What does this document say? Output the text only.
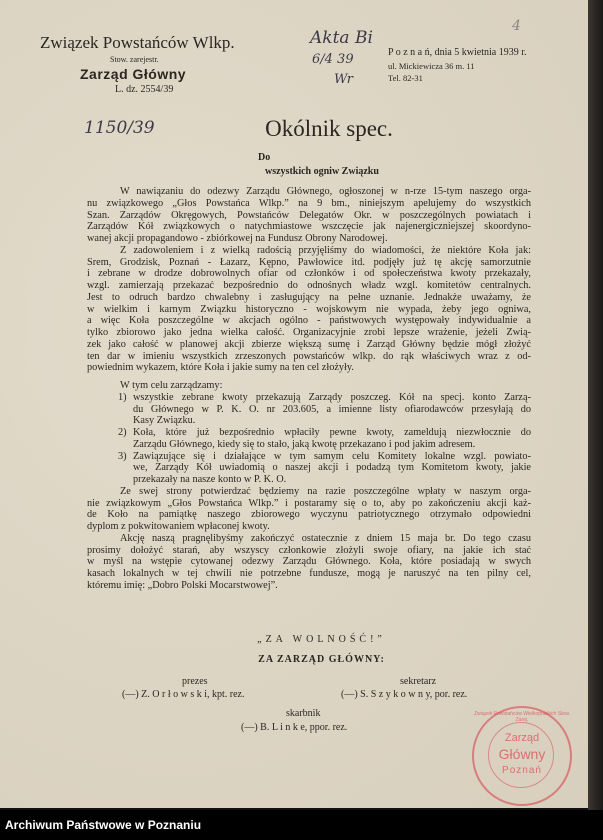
Związek Powstańców Wlkp.
Stow. zarejestr.
Zarząd Główny
L. dz. 2554/39
P o z n a ń, dnia 5 kwietnia 1939 r.
ul. Mickiewicza 36 m. 11
Tel. 82-31
Akta Bi
6/4 39
Wr
1150/39
4
Okólnik spec.
Do
wszystkich ogniw Związku
W nawiązaniu do odezwy Zarządu Głównego, ogłoszonej w n-rze 15-tym naszego orga-
nu związkowego „Głos Powstańca Wlkp.” na 9 bm., niniejszym apelujemy do wszystkich
Szan. Zarządów Okręgowych, Powstańców Delegatów Okr. w poszczególnych powiatach i
Zarządów Kół związkowych o natychmiastowe wszczęcie jak najenergiczniejszej skoordyno-
wanej akcji propagandowo - zbiórkowej na Fundusz Obrony Narodowej.
Z zadowoleniem i z wielką radością przyjęliśmy do wiadomości, że niektóre Koła jak:
Śrem, Grodzisk, Poznań - Łazarz, Kępno, Pawłowice itd. podjęły już tę akcję samorzutnie
i zebrane w drodze dobrowolnych ofiar od członków i od społeczeństwa kwoty przekazały,
wzgl. zamierzają przekazać bezpośrednio do odnośnych władz wzgl. komitetów centralnych.
Jest to odruch bardzo chwalebny i zasługujący na pełne uznanie. Jednakże uważamy, że
w wielkim i karnym Związku historyczno - wojskowym nie wypada, żeby jego ogniwa,
a więc Koła poszczególne w akcjach ogólno - państwowych występowały indywidualnie a
tylko zbiorowo jako jedna wielka całość. Organizacyjnie zrobi lepsze wrażenie, jeżeli Zwią-
zek jako całość w planowej akcji zbierze większą sumę i Zarząd Główny będzie mógł złożyć
ten dar w imieniu wszystkich zrzeszonych powstańców wlkp. do rąk właściwych wraz z od-
powiednim wykazem, które Koła i jakie sumy na ten cel złożyły.
W tym celu zarządzamy:
1) wszystkie zebrane kwoty przekazują Zarządy poszczeg. Kół na specj. konto Zarzą-
du Głównego w P. K. O. nr 203.605, a imienne listy ofiarodawców przesyłają do
Kasy Związku.
2) Koła, które już bezpośrednio wpłaciły pewne kwoty, zameldują niezwłocznie do
Zarządu Głównego, kiedy się to stało, jaką kwotę przekazano i pod jakim adresem.
3) Zawiązujące się i działające w tym samym celu Komitety lokalne wzgl. powiato-
we, Zarządy Kół uwiadomią o naszej akcji i podadzą tym Komitetom kwoty, jakie
przekazały na nasze konto w P. K. O.
Ze swej strony potwierdzać będziemy na razie poszczególne wpłaty w naszym orga-
nie związkowym „Głos Powstańca Wlkp.” i postaramy się o to, aby po zakończeniu akcji każ-
de Koło na pamiątkę naszego zbiorowego wyczynu patriotycznego otrzymało odpowiedni
dyplom z pokwitowaniem wpłaconej kwoty.
Akcję naszą pragnęlibyśmy zakończyć ostatecznie z dniem 15 maja br. Do tego czasu
prosimy dołożyć starań, aby wszyscy członkowie złożyli swoje ofiary, na jakie ich stać
w myśl na wstępie cytowanej odezwy Zarządu Głównego. Koła, które posiadają w swych
kasach lokalnych w tej chwili nie potrzebne fundusze, mogą je naruszyć na ten pilny cel,
któremu imię: „Dobro Polski Mocarstwowej”.
Zarząd
Główny
Poznań
Związek Powstańców Wielkopolskich Stow. Zarej.
„ZA WOLNOŚĆ!”
ZA ZARZĄD GŁÓWNY:
prezes
(—) Z. O r ł o w s k i, kpt. rez.
sekretarz
(—) S. S z y k o w n y, por. rez.
skarbnik
(—) B. L i n k e, ppor. rez.
Archiwum Państwowe w Poznaniu
